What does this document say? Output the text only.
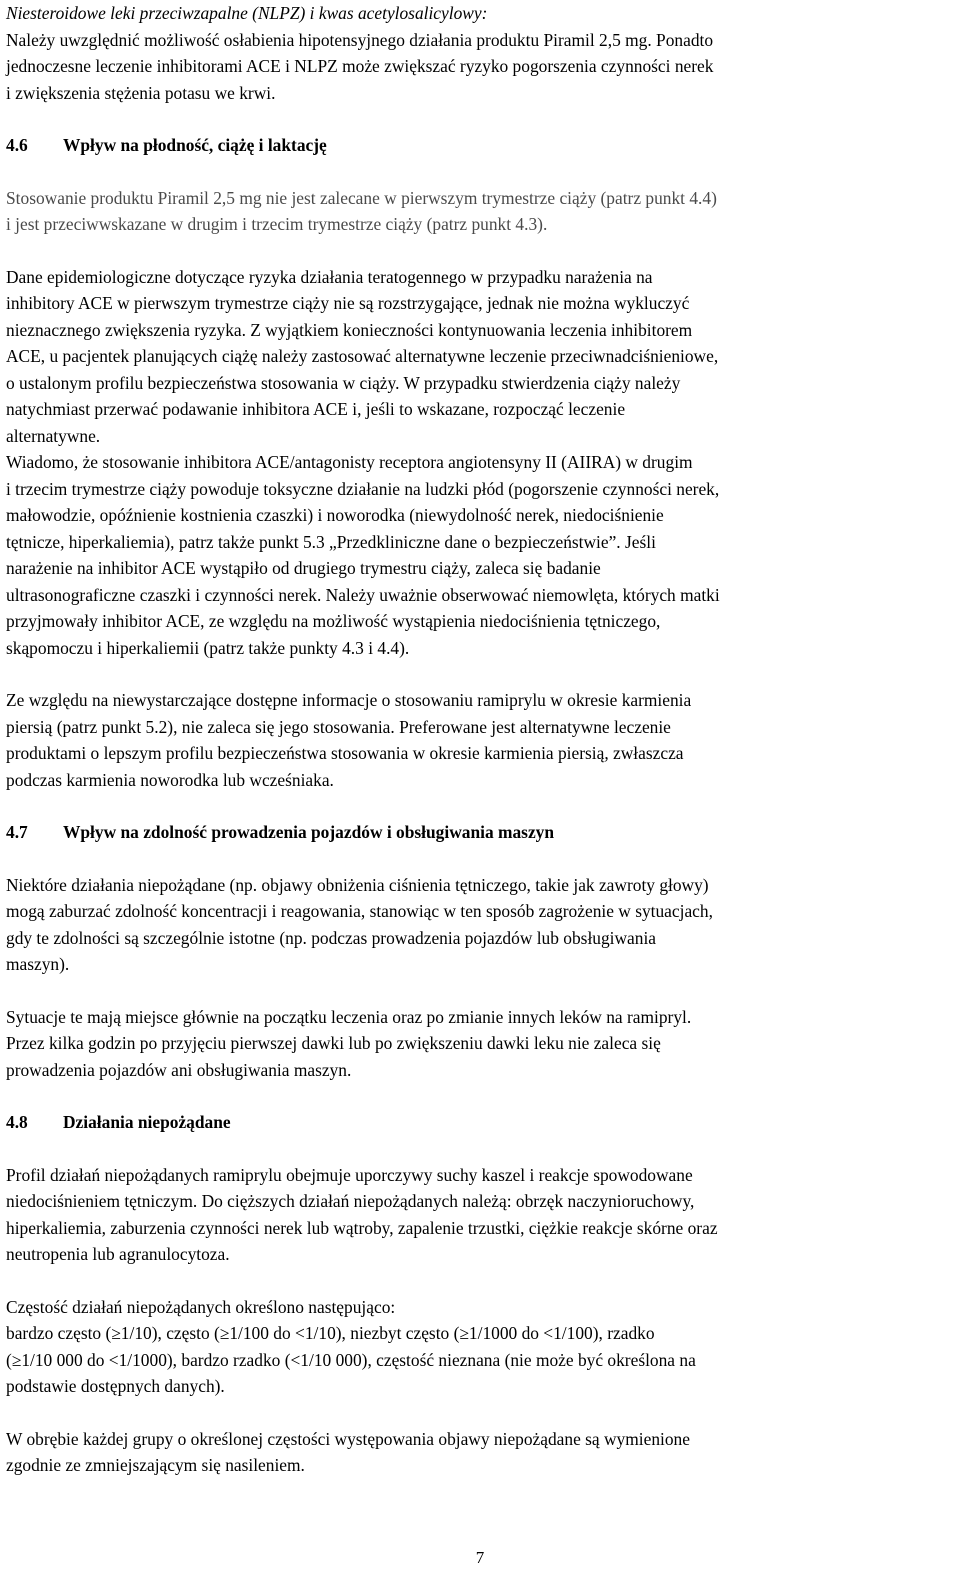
Niesteroidowe leki przeciwzapalne (NLPZ) i kwas acetylosalicylowy:

Należy uwzględnić możliwość osłabienia hipotensyjnego działania produktu Piramil 2,5 mg. Ponadto
jednoczesne leczenie inhibitorami ACE i NLPZ może zwiększać ryzyko pogorszenia czynności nerek
i zwiększenia stężenia potasu we krwi.

4.6	Wpływ na płodność, ciążę i laktację

Stosowanie produktu Piramil 2,5 mg nie jest zalecane w pierwszym trymestrze ciąży (patrz punkt 4.4)
i jest przeciwwskazane w drugim i trzecim trymestrze ciąży (patrz punkt 4.3).

Dane epidemiologiczne dotyczące ryzyka działania teratogennego w przypadku narażenia na
inhibitory ACE w pierwszym trymestrze ciąży nie są rozstrzygające, jednak nie można wykluczyć
nieznacznego zwiększenia ryzyka. Z wyjątkiem konieczności kontynuowania leczenia inhibitorem
ACE, u pacjentek planujących ciążę należy zastosować alternatywne leczenie przeciwnadciśnieniowe,
o ustalonym profilu bezpieczeństwa stosowania w ciąży. W przypadku stwierdzenia ciąży należy
natychmiast przerwać podawanie inhibitora ACE i, jeśli to wskazane, rozpocząć leczenie
alternatywne.

Wiadomo, że stosowanie inhibitora ACE/antagonisty receptora angiotensyny II (AIIRA) w drugim
i trzecim trymestrze ciąży powoduje toksyczne działanie na ludzki płód (pogorszenie czynności nerek,
małowodzie, opóźnienie kostnienia czaszki) i noworodka (niewydolność nerek, niedociśnienie
tętnicze, hiperkaliemia), patrz także punkt 5.3 „Przedkliniczne dane o bezpieczeństwie”. Jeśli
narażenie na inhibitor ACE wystąpiło od drugiego trymestru ciąży, zaleca się badanie
ultrasonograficzne czaszki i czynności nerek. Należy uważnie obserwować niemowlęta, których matki
przyjmowały inhibitor ACE, ze względu na możliwość wystąpienia niedociśnienia tętniczego,
skąpomoczu i hiperkaliemii (patrz także punkty 4.3 i 4.4).

Ze względu na niewystarczające dostępne informacje o stosowaniu ramiprylu w okresie karmienia
piersią (patrz punkt 5.2), nie zaleca się jego stosowania. Preferowane jest alternatywne leczenie
produktami o lepszym profilu bezpieczeństwa stosowania w okresie karmienia piersią, zwłaszcza
podczas karmienia noworodka lub wcześniaka.

4.7	Wpływ na zdolność prowadzenia pojazdów i obsługiwania maszyn

Niektóre działania niepożądane (np. objawy obniżenia ciśnienia tętniczego, takie jak zawroty głowy)
mogą zaburzać zdolność koncentracji i reagowania, stanowiąc w ten sposób zagrożenie w sytuacjach,
gdy te zdolności są szczególnie istotne (np. podczas prowadzenia pojazdów lub obsługiwania
maszyn).

Sytuacje te mają miejsce głównie na początku leczenia oraz po zmianie innych leków na ramipryl.
Przez kilka godzin po przyjęciu pierwszej dawki lub po zwiększeniu dawki leku nie zaleca się
prowadzenia pojazdów ani obsługiwania maszyn.

4.8	Działania niepożądane

Profil działań niepożądanych ramiprylu obejmuje uporczywy suchy kaszel i reakcje spowodowane
niedociśnieniem tętniczym. Do cięższych działań niepożądanych należą: obrzęk naczynioruchowy,
hiperkaliemia, zaburzenia czynności nerek lub wątroby, zapalenie trzustki, ciężkie reakcje skórne oraz
neutropenia lub agranulocytoza.

Częstość działań niepożądanych określono następująco:
bardzo często (≥1/10), często (≥1/100 do <1/10), niezbyt często (≥1/1000 do <1/100), rzadko
(≥1/10 000 do <1/1000), bardzo rzadko (<1/10 000), częstość nieznana (nie może być określona na
podstawie dostępnych danych).

W obrębie każdej grupy o określonej częstości występowania objawy niepożądane są wymienione
zgodnie ze zmniejszającym się nasileniem.

7
